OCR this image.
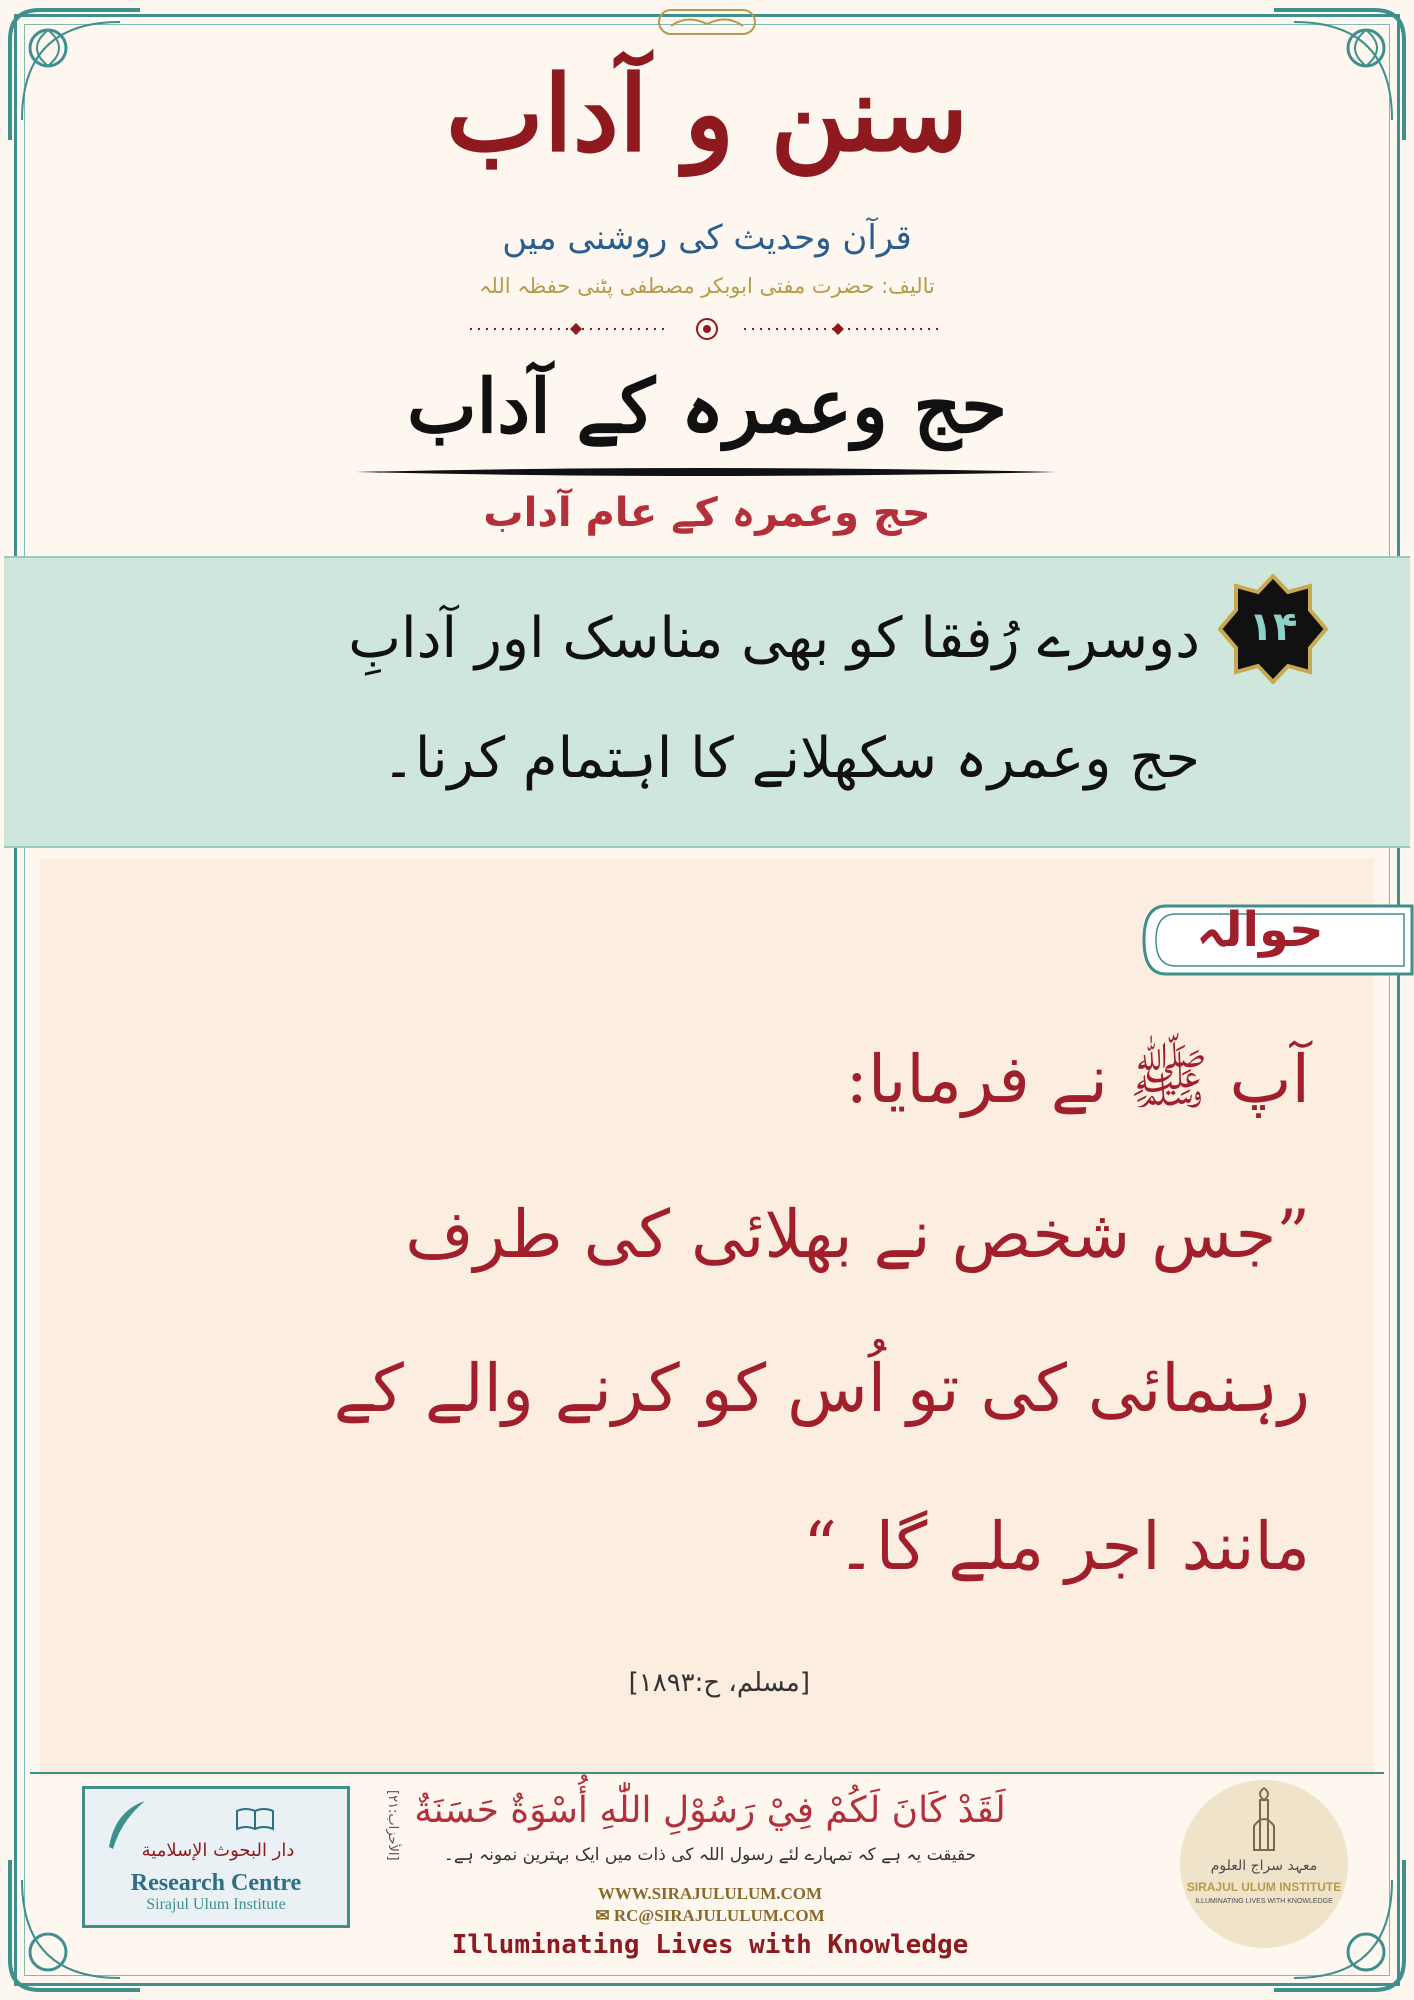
سنن و آداب
قرآن وحدیث کی روشنی میں
تالیف: حضرت مفتی ابوبکر مصطفی پٹنی حفظہ اللہ
حج وعمرہ کے آداب
حج وعمرہ کے عام آداب
۱۴
دوسرے رُفقا کو بھی مناسک اور آدابِ
حج وعمرہ سکھلانے کا اہتمام کرنا۔
حوالہ
آپ ﷺ نے فرمایا:
”جس شخص نے بھلائی کی طرف
رہنمائی کی تو اُس کو کرنے والے کے
مانند اجر ملے گا۔“
[مسلم، ح:۱۸۹۳]
دار البحوث الإسلامية
Research Centre
Sirajul Ulum Institute
لَقَدْ كَانَ لَكُمْ فِيْ رَسُوْلِ اللّٰهِ أُسْوَةٌ حَسَنَةٌ
[الأحزاب:۲۱]	حقیقت یہ ہے کہ تمہارے لئے رسول اللہ کی ذات میں ایک بہترین نمونہ ہے۔
WWW.SIRAJULULUM.COM
✉ RC@SIRAJULULUM.COM
Illuminating Lives with Knowledge
معہد سراج العلوم
SIRAJUL ULUM INSTITUTE
ILLUMINATING LIVES WITH KNOWLEDGE
